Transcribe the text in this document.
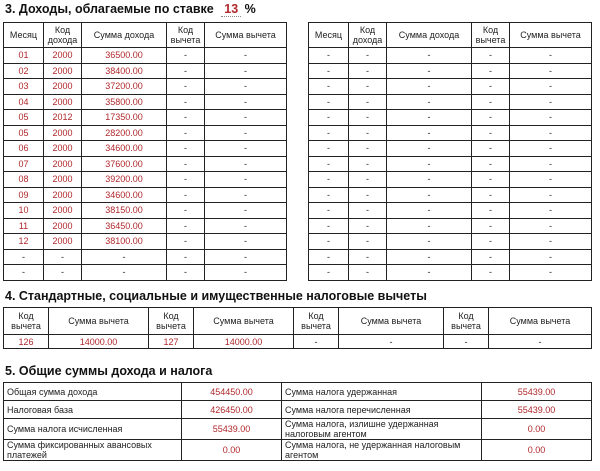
3. Доходы, облагаемые по ставке 13 %
Месяц	Код дохода	Сумма дохода	Код вычета	Сумма вычета
01	2000	36500.00	-	-
02	2000	38400.00	-	-
03	2000	37200.00	-	-
04	2000	35800.00	-	-
05	2012	17350.00	-	-
05	2000	28200.00	-	-
06	2000	34600.00	-	-
07	2000	37600.00	-	-
08	2000	39200.00	-	-
09	2000	34600.00	-	-
10	2000	38150.00	-	-
11	2000	36450.00	-	-
12	2000	38100.00	-	-
-	-	-	-	-
-	-	-	-	-
Месяц	Код дохода	Сумма дохода	Код вычета	Сумма вычета
-	-	-	-	-
-	-	-	-	-
-	-	-	-	-
-	-	-	-	-
-	-	-	-	-
-	-	-	-	-
-	-	-	-	-
-	-	-	-	-
-	-	-	-	-
-	-	-	-	-
-	-	-	-	-
-	-	-	-	-
-	-	-	-	-
-	-	-	-	-
-	-	-	-	-
4. Стандартные, социальные и имущественные налоговые вычеты
Код вычета	Сумма вычета	Код вычета	Сумма вычета	Код вычета	Сумма вычета	Код вычета	Сумма вычета
126	14000.00	127	14000.00	-	-	-	-
5. Общие суммы дохода и налога
Общая сумма дохода	454450.00	Сумма налога удержанная	55439.00
Налоговая база	426450.00	Сумма налога перечисленная	55439.00
Сумма налога исчисленная	55439.00	Сумма налога, излишне удержанная налоговым агентом	0.00
Сумма фиксированных авансовых платежей	0.00	Сумма налога, не удержанная налоговым агентом	0.00
